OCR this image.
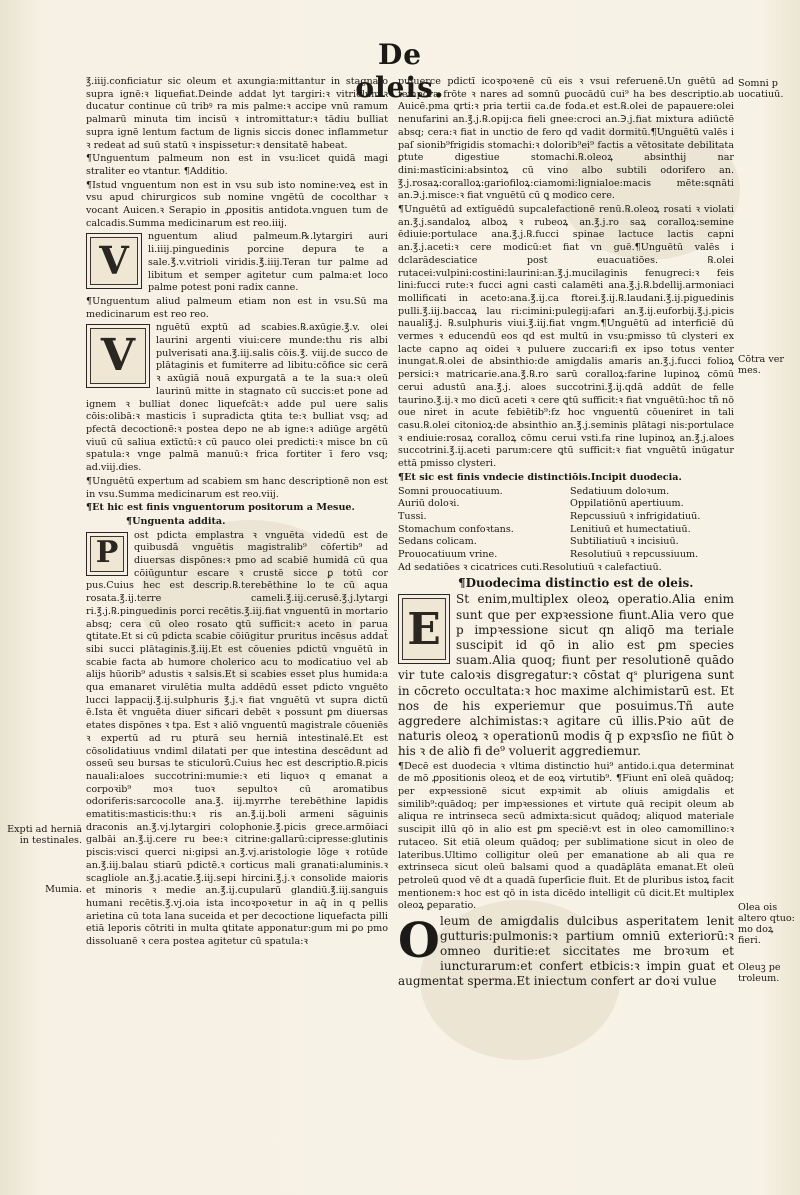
De oleis.

℥.iiij.conficiatur sic oleum et axungia:mittantur in stagnato supra ignē:ꝛ liquefiat.Deinde addat lyt targiri:ꝛ vitriolum:ꝛ ducatur continue cū tribꝰ ra mis palme:ꝛ accipe vnū ramum palmarū minuta tim incisū ꝛ intromittatur:ꝛ tādiu bulliat supra ignē lentum factum de lignis siccis donec inflammetur ꝛ redeat ad suū statū ꝛ inspissetur:ꝛ densitatē habeat.

¶Unguentum palmeum non est in vsu:licet quidā magi straliter eo vtantur. ¶Additio.

¶Istud vnguentum non est in vsu sub isto nomine:veꝝ est in vsu apud chirurgicos sub nomine vngētū de cocolthar ꝛ vocant Auicen.ꝛ Serapio in ꝓpositis antidota.vnguen tum de calcadis.Summa medicinarum est reo.iiij.

V
nguentum aliud palmeum.℞.lytargiri auri li.iiij.pinguedinis porcine depura te a sale.℥.v.vitrioli viridis.℥.iiij.Teran tur palme ad libitum et semper agitetur cum palma:et loco palme potest poni radix canne.

¶Unguentum aliud palmeum etiam non est in vsu.Sū ma medicinarum est reo reo.

V
nguētū exptū ad scabies.℞.axūgie.℥.v. olei laurini argenti viui:cere munde:thu ris albi pulverisati ana.℥.iij.salis cōis.℥. viij.de succo de plātaginis et fumiterre ad libitu:cōfice sic cerā ꝛ axūgiā nouā expurgatā a te la sua:ꝛ oleū laurinū mitte in stagnato cū succis:et pone ad ignem ꝛ bulliat donec liquefcāt:ꝛ adde pul uere salis cōis:olibā:ꝛ masticis ī supradicta ꝗtita te:ꝛ bulliat vsq; ad pfectā decoctionē:ꝛ postea depo ne ab igne:ꝛ adiūge argētū viuū cū saliua extīctū:ꝛ cū pauco olei predicti:ꝛ misce bn cū spatula:ꝛ vnge palmā manuū:ꝛ frica fortiter ī fero vsq; ad.viij.dies.

¶Unguētū expertum ad scabiem sm hanc descriptionē non est in vsu.Summa medicinarum est reo.viij.

¶Et hic est finis vnguentorum positorum a Mesue.

¶Unguenta addita.

P
ost pdicta emplastra ꝛ vnguēta videdū est de quibusdā vnguētis magistralib⁹ cōfertib⁹ ad diuersas dispōnes:ꝛ pmo ad scabiē humidā cū qua cōiūguntur escare ꝛ crustē sicce ꝑ totū cor pus.Cuius hec est descrip.℞.terebēthine lo te cū aqua rosata.℥.ij.terre cameli.℥.iij.cerusē.℥.j.lytargi ri.℥.j.℞.pinguedinis porci recētis.℥.iij.fiat vnguentū in mortario absq; cera cū oleo rosato ꝗtū sufficit:ꝛ aceto in parua ꝗtitate.Et si cū pdicta scabie cōiūgitur pruritus incēsus addat̄ sibi succi plātaginis.℥.iij.Et est cōuenies pdictū vnguētū in scabie facta ab humore cholerico acu to modicatiuo vel ab alijs hūorib⁹ adustis ꝛ salsis.Et si scabies esset plus humida:a qua emanaret virulētia multa addēdū esset pdicto vnguēto lucci lappacij.℥.ij.sulphuris ℥.j.ꝛ fiat vnguētū vt supra dictū ē.Ista ēt vnguēta diuer sificari debēt ꝛ possunt ꝑm diuersas etates dispōnes ꝛ tpa. Est ꝛ aliō vnguentū magistrale cōueniēs ꝛ expertū ad ru pturā seu herniā intestinalē.Et est cōsolidatiuus vndiml dilatati per que intestina descēdunt ad osseū seu bursas te sticulorū.Cuius hec est descriptio.℞.picis nauali:aloes succotrini:mumie:ꝛ eti liquoꝛ q emanat a corpoꝛib⁹ moꝛ tuoꝛ sepultoꝛ cū aromatibus odoriferis:sarcocolle ana.℥. iij.myrrhe terebēthine lapidis ematitis:masticis:thu:ꝛ ris an.℥.ij.boli armeni sāguinis draconis an.℥.vj.lytargiri colophonie.℥.picis grece.armōiaci galbāi an.℥.ij.cere ru bee:ꝛ citrine:gallarū:cipresse:glutinis piscis:visci querci ni:gipsi an.℥.vj.aristologie lōge ꝛ rotūde an.℥.iij.balau stiarū pdictē.ꝛ corticus mali granati:aluminis.ꝛ scagliole an.℥.j.acatie.℥.iij.sepi hircini.℥.j.ꝛ consolide maioris et minoris ꝛ medie an.℥.ij.cupularū glandiū.℥.iij.sanguis humani recētis.℥.vj.oia ista incoꝛpoꝛetur in aq̄ in q pellis arietina cū tota lana suceida et per decoctione liquefacta pilli etiā leporis cōtriti in multa ꝗtitate apponatur:gum mi ꝑo pmo dissoluanē ꝛ cera postea agitetur cū spatula:ꝛ

puluerce pdictī icoꝛpoꝛenē cū eis ꝛ vsui referuenē.Un guētū ad tempora frōte ꝛ nares ad somnū ꝑuocādū cui⁹ ha bes descriptio.ab Auicē.pma ꝗrti:ꝛ pria tertii ca.de foda.et est.℞.olei de papauere:olei nenufarini an.℥.j.℞.opij:ca fieli gnee:croci an.℈.j.fiat mixtura adiūctē absq; cera:ꝛ fiat in unctio de fero qd vadit dormitū.¶Unguētū valēs i paſ sionib⁹frigidis stomachi:ꝛ dolorib⁹ei⁹ factis a vētositate debilitata ꝑtute digestiue stomachi.℞.oleoꝝ absinthij nar dini:mastīcini:absintoꝝ cū vino albo subtili odorifero an. ℥.j.rosaꝝ:coralloꝝ:gariofiloꝝ:ciamomi:lignialoe:macis mēte:sqnāti an.℈.j.misce:ꝛ fiat vnguētū cū ꝗ modico cere.

¶Unguētū ad extīguēdū supcalefactionē renū.℞.oleoꝝ rosati ꝛ violati an.℥.j.sandaloꝝ alboꝝ ꝛ rubeoꝝ an.℥.j.ro saꝝ coralloꝝ:semine ēdiuie:portulace ana.℥.j.℞.fucci spinae lactuce lactis capni an.℥.j.aceti:ꝛ cere modicū:et fiat vn guē.¶Unguētū valēs i dclarādesciatice post euacuatiōes. ℞.olei rutacei:vulpini:costini:laurini:an.℥.j.mucilaginis fenugreci:ꝛ feis lini:fucci rute:ꝛ fucci agni casti calamēti ana.℥.j.℞.bdellij.armoniaci mollificati in aceto:ana.℥.ij.ca ftorei.℥.ij.℞.laudani.℥.ij.piguedinis pulli.℥.iij.baccaꝝ lau ri:cimini:pulegij:afari an.℥.ij.euforbij.℥.j.picis nauali℥.j. ℞.sulphuris viui.℥.iij.fiat vngm.¶Unguētū ad interficiē dū vermes ꝛ educendū eos qd est multū in vsu:ꝑmisso tū clysteri ex lacte capno aq oidei ꝛ puluere zuccari:fi ex ipso totus venter inungat.℞.olei de absinthio:de amigdalis amaris an.℥.j.fucci folioꝝ persici:ꝛ matricarie.ana.℥.℞.ro sarū coralloꝝ:farine lupinoꝝ cōmū cerui adustū ana.℥.j. aloes succotrini.℥.ij.qdā addūt de felle taurino.℥.ij.ꝛ mo dicū aceti ꝛ cere ꝗtū sufficit:ꝛ fiat vnguētū:hoc tñ nō oue niret in acute febiētib⁹:fz hoc vnguentū cōueniret in tali casu.℞.olei citonioꝝ:de absinthio an.℥.j.seminis plātagi nis:portulace ꝛ endiuie:rosaꝝ coralloꝝ cōmu cerui vsti.fa rine lupinoꝝ an.℥.j.aloes succotrini.℥.ij.aceti parum:cere ꝗtū sufficit:ꝛ fiat vnguētū inūgatur ettā pmisso clysteri.

¶Et sic est finis vndecie distinctiōis.Incipit duodecia.

Somni prouocatiuum.	Sedatiuum doloꝛum.
Auriū doloꝛi.	Oppilatiōnū apertiuum.
Tussi.	Repcussiuū ꝛ infrigidatiuū.
Stomachum confoꝛtans.	Lenitiuū et humectatiuū.
Sedans colicam.	Subtiliatiuū ꝛ incisiuū.
Prouocatiuum vrine.	Resolutiuū ꝛ repcussiuum.

Ad sedatiōes ꝛ cicatrices cuti.Resolutiuū ꝛ calefactiuū.

¶Duodecima distinctio est de oleis.

E
St enim,multiplex oleoꝝ operatio.Alia enim sunt que per expꝛessione fiunt.Alia vero que p impꝛessione sicut qn aliqō ma teriale suscipit id qō in alio est ꝑm species suam.Alia quoq; fiunt per resolutionē quādo vir tute caloꝛis disgregatur:ꝛ cōstat qˢ plurigena sunt in cōcreto occultata:ꝛ hoc maxime alchimistarū est. Et nos de his experiemur que posuimus.Tñ aute aggredere alchimistas:ꝛ agitare cū illis.Pꝛio aūt de naturis oleoꝝ ꝛ operationū modis q̄ p expꝛsſio ne fiūt ꝺ his ꝛ de aliꝺ fi de⁹ voluerit aggrediemur.

¶Decē est duodecia ꝛ vltima distinctio hui⁹ antido.i.qua determinat de mō ꝓpositionis oleoꝝ et de eoꝝ virtutib⁹. ¶Fiunt enī oleā quādoq; per expꝛessionē sicut expꝛimit ab oliuis amigdalis et similib⁹:quādoq; per impꝛessiones et virtute quā recipit oleum ab aliqua re intrinseca secū admixta:sicut quādoq; aliquod materiale suscipit illū qō in alio est ꝑm speciē:vt est in oleo camomillino:ꝛ rutaceo. Sit etiā oleum quādoq; per sublimatione sicut in oleo de lateribus.Ultimo colligitur oleū per emanatione ab ali qua re extrinseca sicut oleū balsami quod a quadāꝑlāta emanat.Et oleū petroleū quod vē dt a quadā ſuperſicie fluit. Et de pluribus istoꝝ facit mentionem:ꝛ hoc est qō in ista dicēdo intelligit cū dicit.Et multiplex oleoꝝ ꝑeparatio.

O leum de amigdalis dulcibus asperitatem lenit gutturis:pulmonis:ꝛ partium omniū exteriorū:ꝛ omneo duritie:et siccitates me broꝛum et iuncturarum:et confert etbicis:ꝛ impin guat et augmentat sperma.Et iniectum confert ar doꝛi vulue

Expti ad herniā in testinales.
Mumia.
Somni p uocatiuū.
Cōtra ver mes.
Olea ois altero qtuo: mo doꝝ fieri.
Oleuꝫ pe troleum.
